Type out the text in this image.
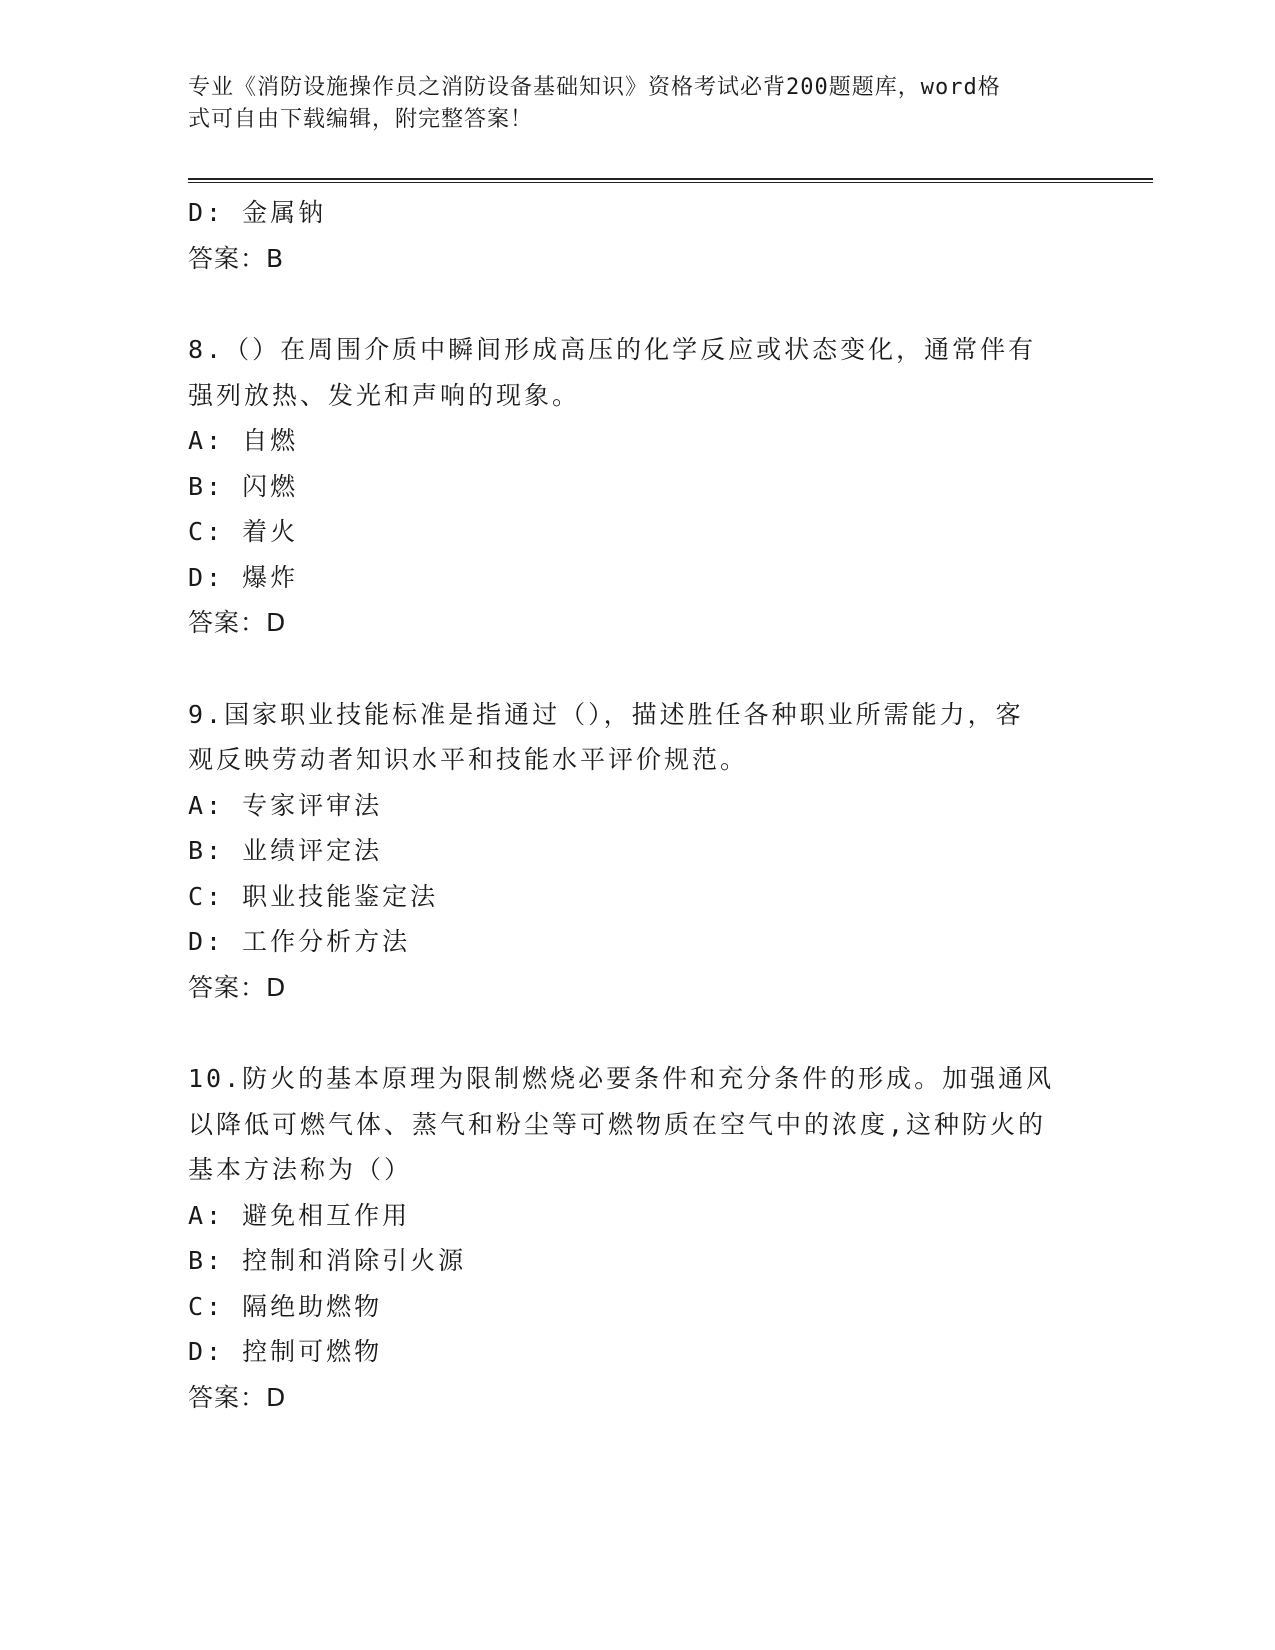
专业《消防设施操作员之消防设备基础知识》资格考试必背200题题库，word格
式可自由下载编辑，附完整答案！
D: 金属钠
答案：B
8.（）在周围介质中瞬间形成高压的化学反应或状态变化，通常伴有
强列放热、发光和声响的现象。
A: 自燃
B: 闪燃
C: 着火
D: 爆炸
答案：D
9.国家职业技能标准是指通过（），描述胜任各种职业所需能力，客
观反映劳动者知识水平和技能水平评价规范。
A: 专家评审法
B: 业绩评定法
C: 职业技能鉴定法
D: 工作分析方法
答案：D
10.防火的基本原理为限制燃烧必要条件和充分条件的形成。加强通风
以降低可燃气体、蒸气和粉尘等可燃物质在空气中的浓度,这种防火的
基本方法称为（）
A: 避免相互作用
B: 控制和消除引火源
C: 隔绝助燃物
D: 控制可燃物
答案：D
